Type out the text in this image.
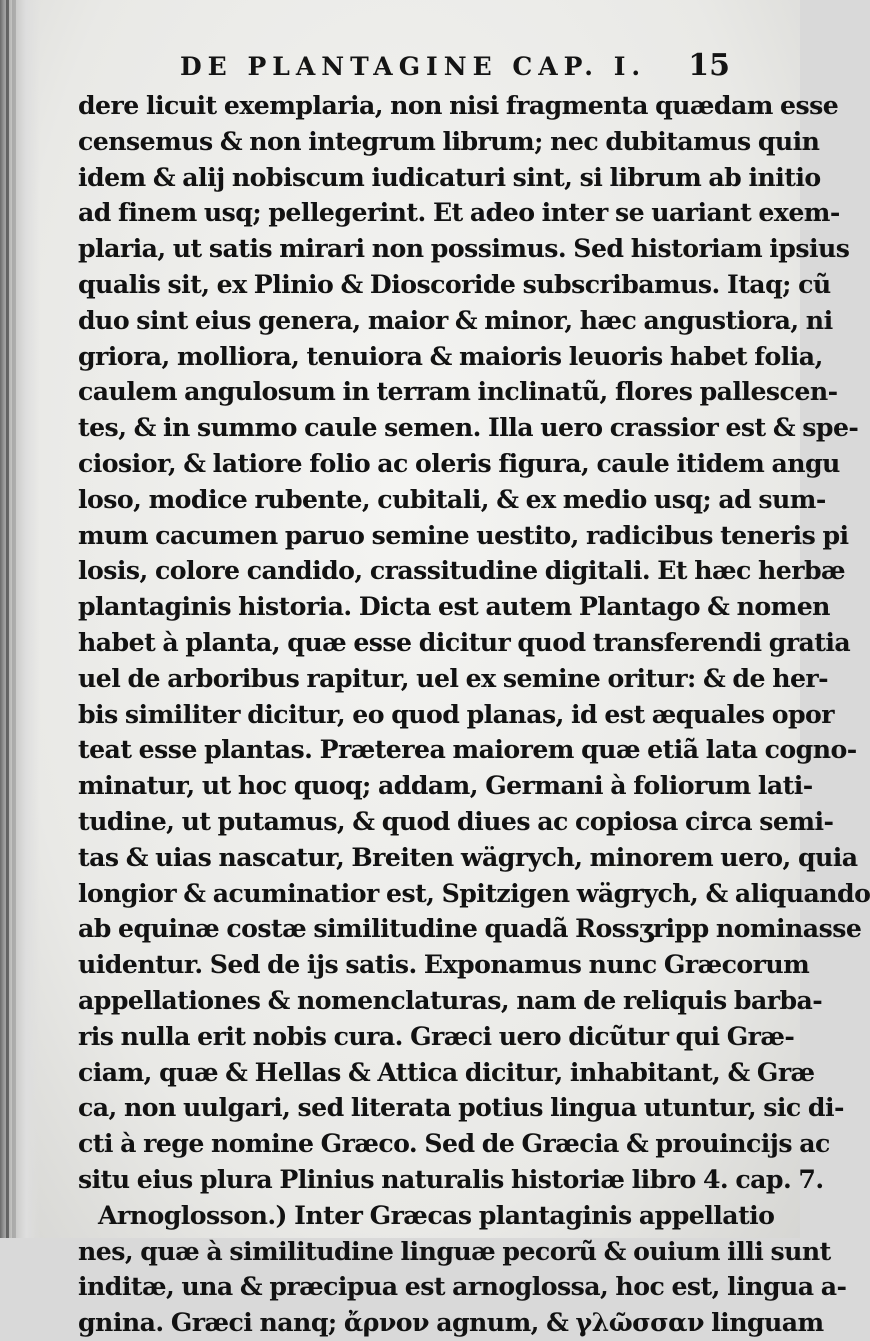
DE PLANTAGINE CAP. I. 15
dere licuit exemplaria, non nisi fragmenta quædam esse
censemus & non integrum librum; nec dubitamus quin
idem & alij nobiscum iudicaturi sint, si librum ab initio
ad finem usq; pellegerint. Et adeo inter se uariant exem-
plaria, ut satis mirari non possimus. Sed historiam ipsius
qualis sit, ex Plinio & Dioscoride subscribamus. Itaq; cũ
duo sint eius genera, maior & minor, hæc angustiora, ni
griora, molliora, tenuiora & maioris leuoris habet folia,
caulem angulosum in terram inclinatũ, flores pallescen-
tes, & in summo caule semen. Illa uero crassior est & spe-
ciosior, & latiore folio ac oleris figura, caule itidem angu
loso, modice rubente, cubitali, & ex medio usq; ad sum-
mum cacumen paruo semine uestito, radicibus teneris pi
losis, colore candido, crassitudine digitali. Et hæc herbæ
plantaginis historia. Dicta est autem Plantago & nomen
habet à planta, quæ esse dicitur quod transferendi gratia
uel de arboribus rapitur, uel ex semine oritur: & de her-
bis similiter dicitur, eo quod planas, id est æquales opor
teat esse plantas. Præterea maiorem quæ etiã lata cogno-
minatur, ut hoc quoq; addam, Germani à foliorum lati-
tudine, ut putamus, & quod diues ac copiosa circa semi-
tas & uias nascatur, Breiten wägrych, minorem uero, quia
longior & acuminatior est, Spitzigen wägrych, & aliquando
ab equinæ costæ similitudine quadã Rossʒripp nominasse
uidentur. Sed de ijs satis. Exponamus nunc Græcorum
appellationes & nomenclaturas, nam de reliquis barba-
ris nulla erit nobis cura. Græci uero dicũtur qui Græ-
ciam, quæ & Hellas & Attica dicitur, inhabitant, & Græ
ca, non uulgari, sed literata potius lingua utuntur, sic di-
cti à rege nomine Græco. Sed de Græcia & prouincijs ac
situ eius plura Plinius naturalis historiæ libro 4. cap. 7.
Arnoglosson.) Inter Græcas plantaginis appellatio
nes, quæ à similitudine linguæ pecorũ & ouium illi sunt
inditæ, una & præcipua est arnoglossa, hoc est, lingua a-
gnina. Græci nanq; ἄρνον agnum, & γλῶσσαν linguam
